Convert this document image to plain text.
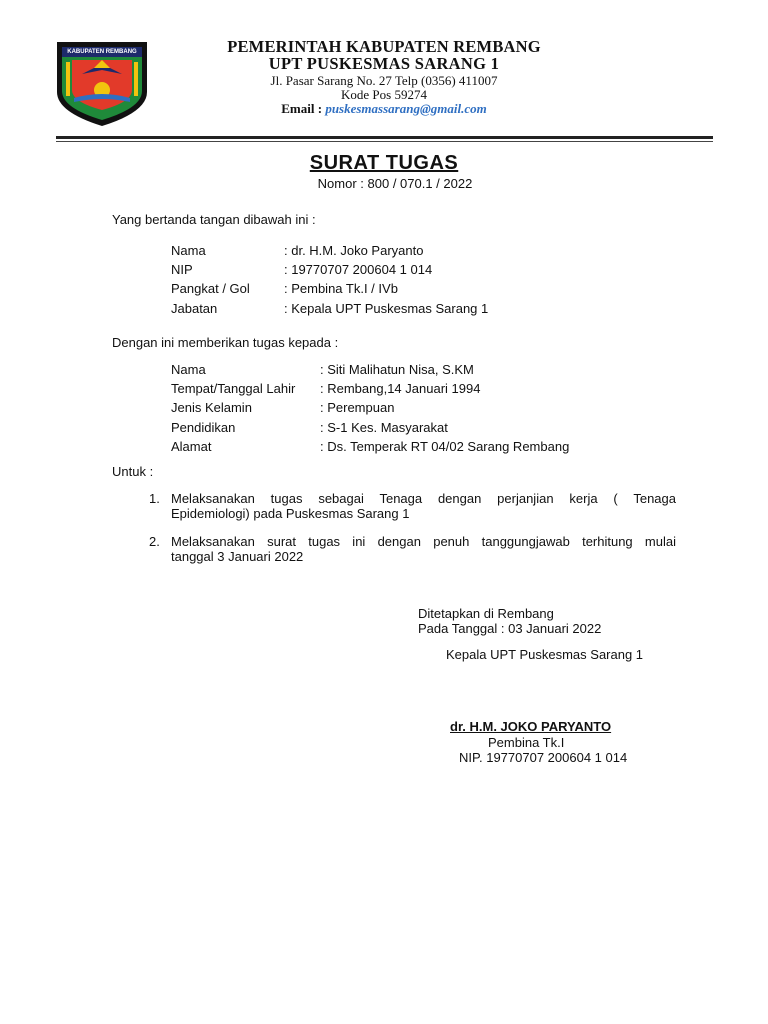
KABUPATEN REMBANG	PEMERINTAH KABUPATEN REMBANG
UPT PUSKESMAS SARANG 1
Jl. Pasar Sarang No. 27 Telp (0356) 411007
Kode Pos 59274
Email : puskesmassarang@gmail.com
SURAT TUGAS
Nomor : 800 / 070.1 / 2022
Yang bertanda tangan dibawah ini :
Nama	: dr. H.M. Joko Paryanto
NIP	: 19770707 200604 1 014
Pangkat / Gol	: Pembina Tk.I / IVb
Jabatan	: Kepala UPT Puskesmas Sarang 1
Dengan ini memberikan tugas kepada :
Nama	: Siti Malihatun Nisa, S.KM
Tempat/Tanggal Lahir : Rembang,14 Januari 1994
Jenis Kelamin	: Perempuan
Pendidikan	: S-1 Kes. Masyarakat
Alamat	: Ds. Temperak RT 04/02 Sarang Rembang
Untuk :
1. Melaksanakan tugas sebagai Tenaga dengan perjanjian kerja ( Tenaga
Epidemiologi) pada Puskesmas Sarang 1
2. Melaksanakan surat tugas ini dengan penuh tanggungjawab terhitung mulai
tanggal 3 Januari 2022
Ditetapkan di Rembang
Pada Tanggal : 03 Januari 2022
Kepala UPT Puskesmas Sarang 1
dr. H.M. JOKO PARYANTO
Pembina Tk.I
NIP. 19770707 200604 1 014
